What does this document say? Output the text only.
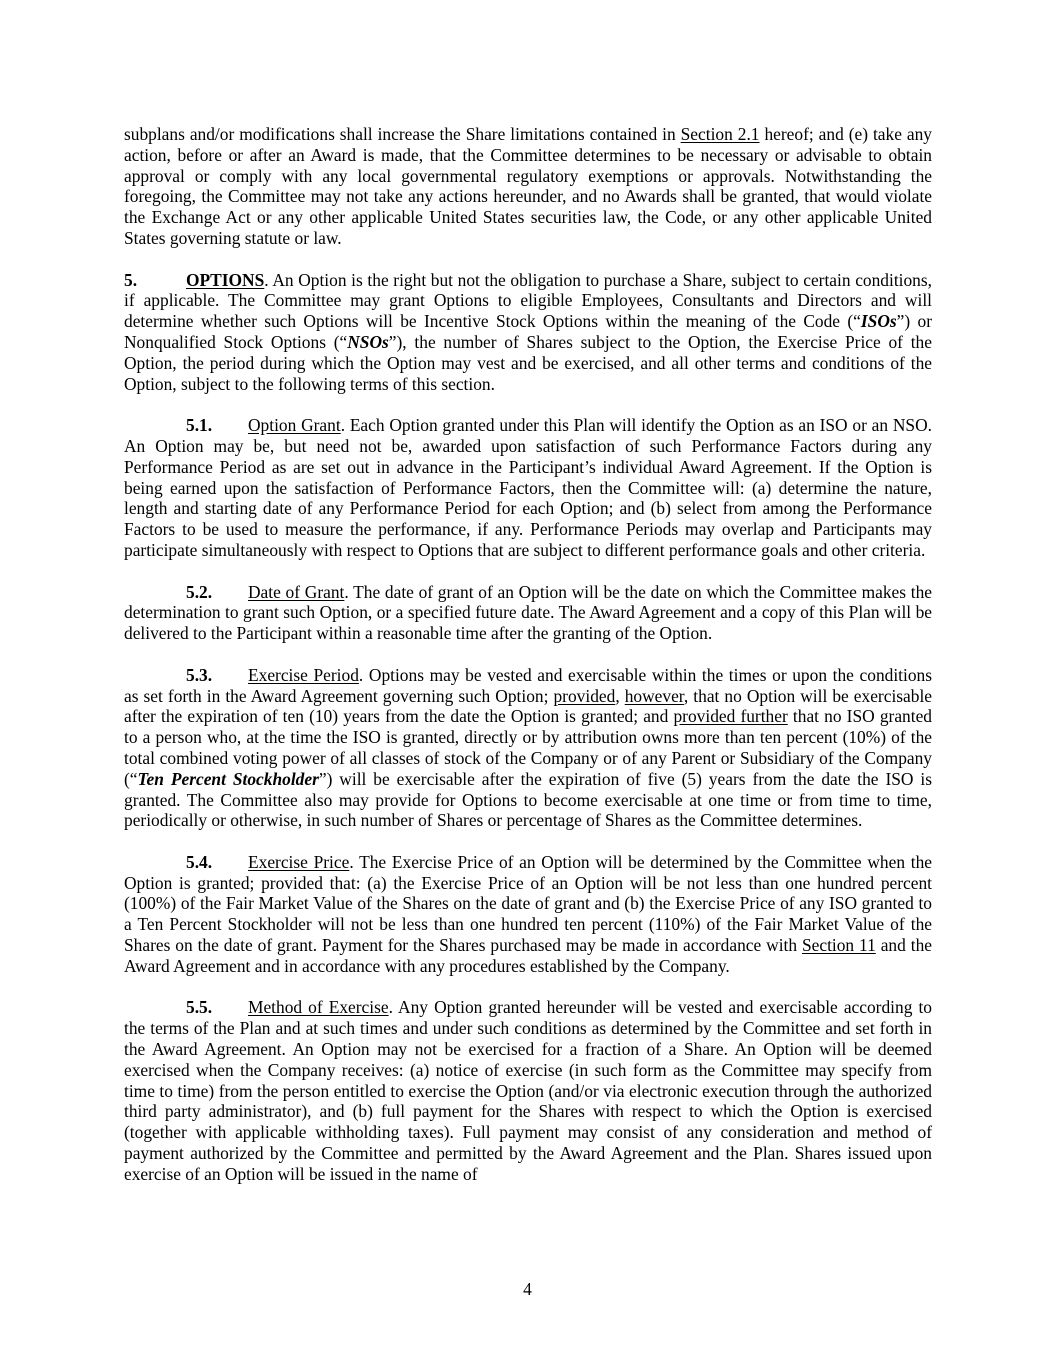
subplans and/or modifications shall increase the Share limitations contained in Section 2.1 hereof; and (e) take any action, before or after an Award is made, that the Committee determines to be necessary or advisable to obtain approval or comply with any local governmental regulatory exemptions or approvals. Notwithstanding the foregoing, the Committee may not take any actions hereunder, and no Awards shall be granted, that would violate the Exchange Act or any other applicable United States securities law, the Code, or any other applicable United States governing statute or law.

5.	OPTIONS. An Option is the right but not the obligation to purchase a Share, subject to certain conditions, if applicable. The Committee may grant Options to eligible Employees, Consultants and Directors and will determine whether such Options will be Incentive Stock Options within the meaning of the Code (“ISOs”) or Nonqualified Stock Options (“NSOs”), the number of Shares subject to the Option, the Exercise Price of the Option, the period during which the Option may vest and be exercised, and all other terms and conditions of the Option, subject to the following terms of this section.

5.1. Option Grant. Each Option granted under this Plan will identify the Option as an ISO or an NSO. An Option may be, but need not be, awarded upon satisfaction of such Performance Factors during any Performance Period as are set out in advance in the Participant’s individual Award Agreement. If the Option is being earned upon the satisfaction of Performance Factors, then the Committee will: (a) determine the nature, length and starting date of any Performance Period for each Option; and (b) select from among the Performance Factors to be used to measure the performance, if any. Performance Periods may overlap and Participants may participate simultaneously with respect to Options that are subject to different performance goals and other criteria.

5.2. Date of Grant. The date of grant of an Option will be the date on which the Committee makes the determination to grant such Option, or a specified future date. The Award Agreement and a copy of this Plan will be delivered to the Participant within a reasonable time after the granting of the Option.

5.3. Exercise Period. Options may be vested and exercisable within the times or upon the conditions as set forth in the Award Agreement governing such Option; provided, however, that no Option will be exercisable after the expiration of ten (10) years from the date the Option is granted; and provided further that no ISO granted to a person who, at the time the ISO is granted, directly or by attribution owns more than ten percent (10%) of the total combined voting power of all classes of stock of the Company or of any Parent or Subsidiary of the Company (“Ten Percent Stockholder”) will be exercisable after the expiration of five (5) years from the date the ISO is granted. The Committee also may provide for Options to become exercisable at one time or from time to time, periodically or otherwise, in such number of Shares or percentage of Shares as the Committee determines.

5.4. Exercise Price. The Exercise Price of an Option will be determined by the Committee when the Option is granted; provided that: (a) the Exercise Price of an Option will be not less than one hundred percent (100%) of the Fair Market Value of the Shares on the date of grant and (b) the Exercise Price of any ISO granted to a Ten Percent Stockholder will not be less than one hundred ten percent (110%) of the Fair Market Value of the Shares on the date of grant. Payment for the Shares purchased may be made in accordance with Section 11 and the Award Agreement and in accordance with any procedures established by the Company.

5.5. Method of Exercise. Any Option granted hereunder will be vested and exercisable according to the terms of the Plan and at such times and under such conditions as determined by the Committee and set forth in the Award Agreement. An Option may not be exercised for a fraction of a Share. An Option will be deemed exercised when the Company receives: (a) notice of exercise (in such form as the Committee may specify from time to time) from the person entitled to exercise the Option (and/or via electronic execution through the authorized third party administrator), and (b) full payment for the Shares with respect to which the Option is exercised (together with applicable withholding taxes). Full payment may consist of any consideration and method of payment authorized by the Committee and permitted by the Award Agreement and the Plan. Shares issued upon exercise of an Option will be issued in the name of

4
